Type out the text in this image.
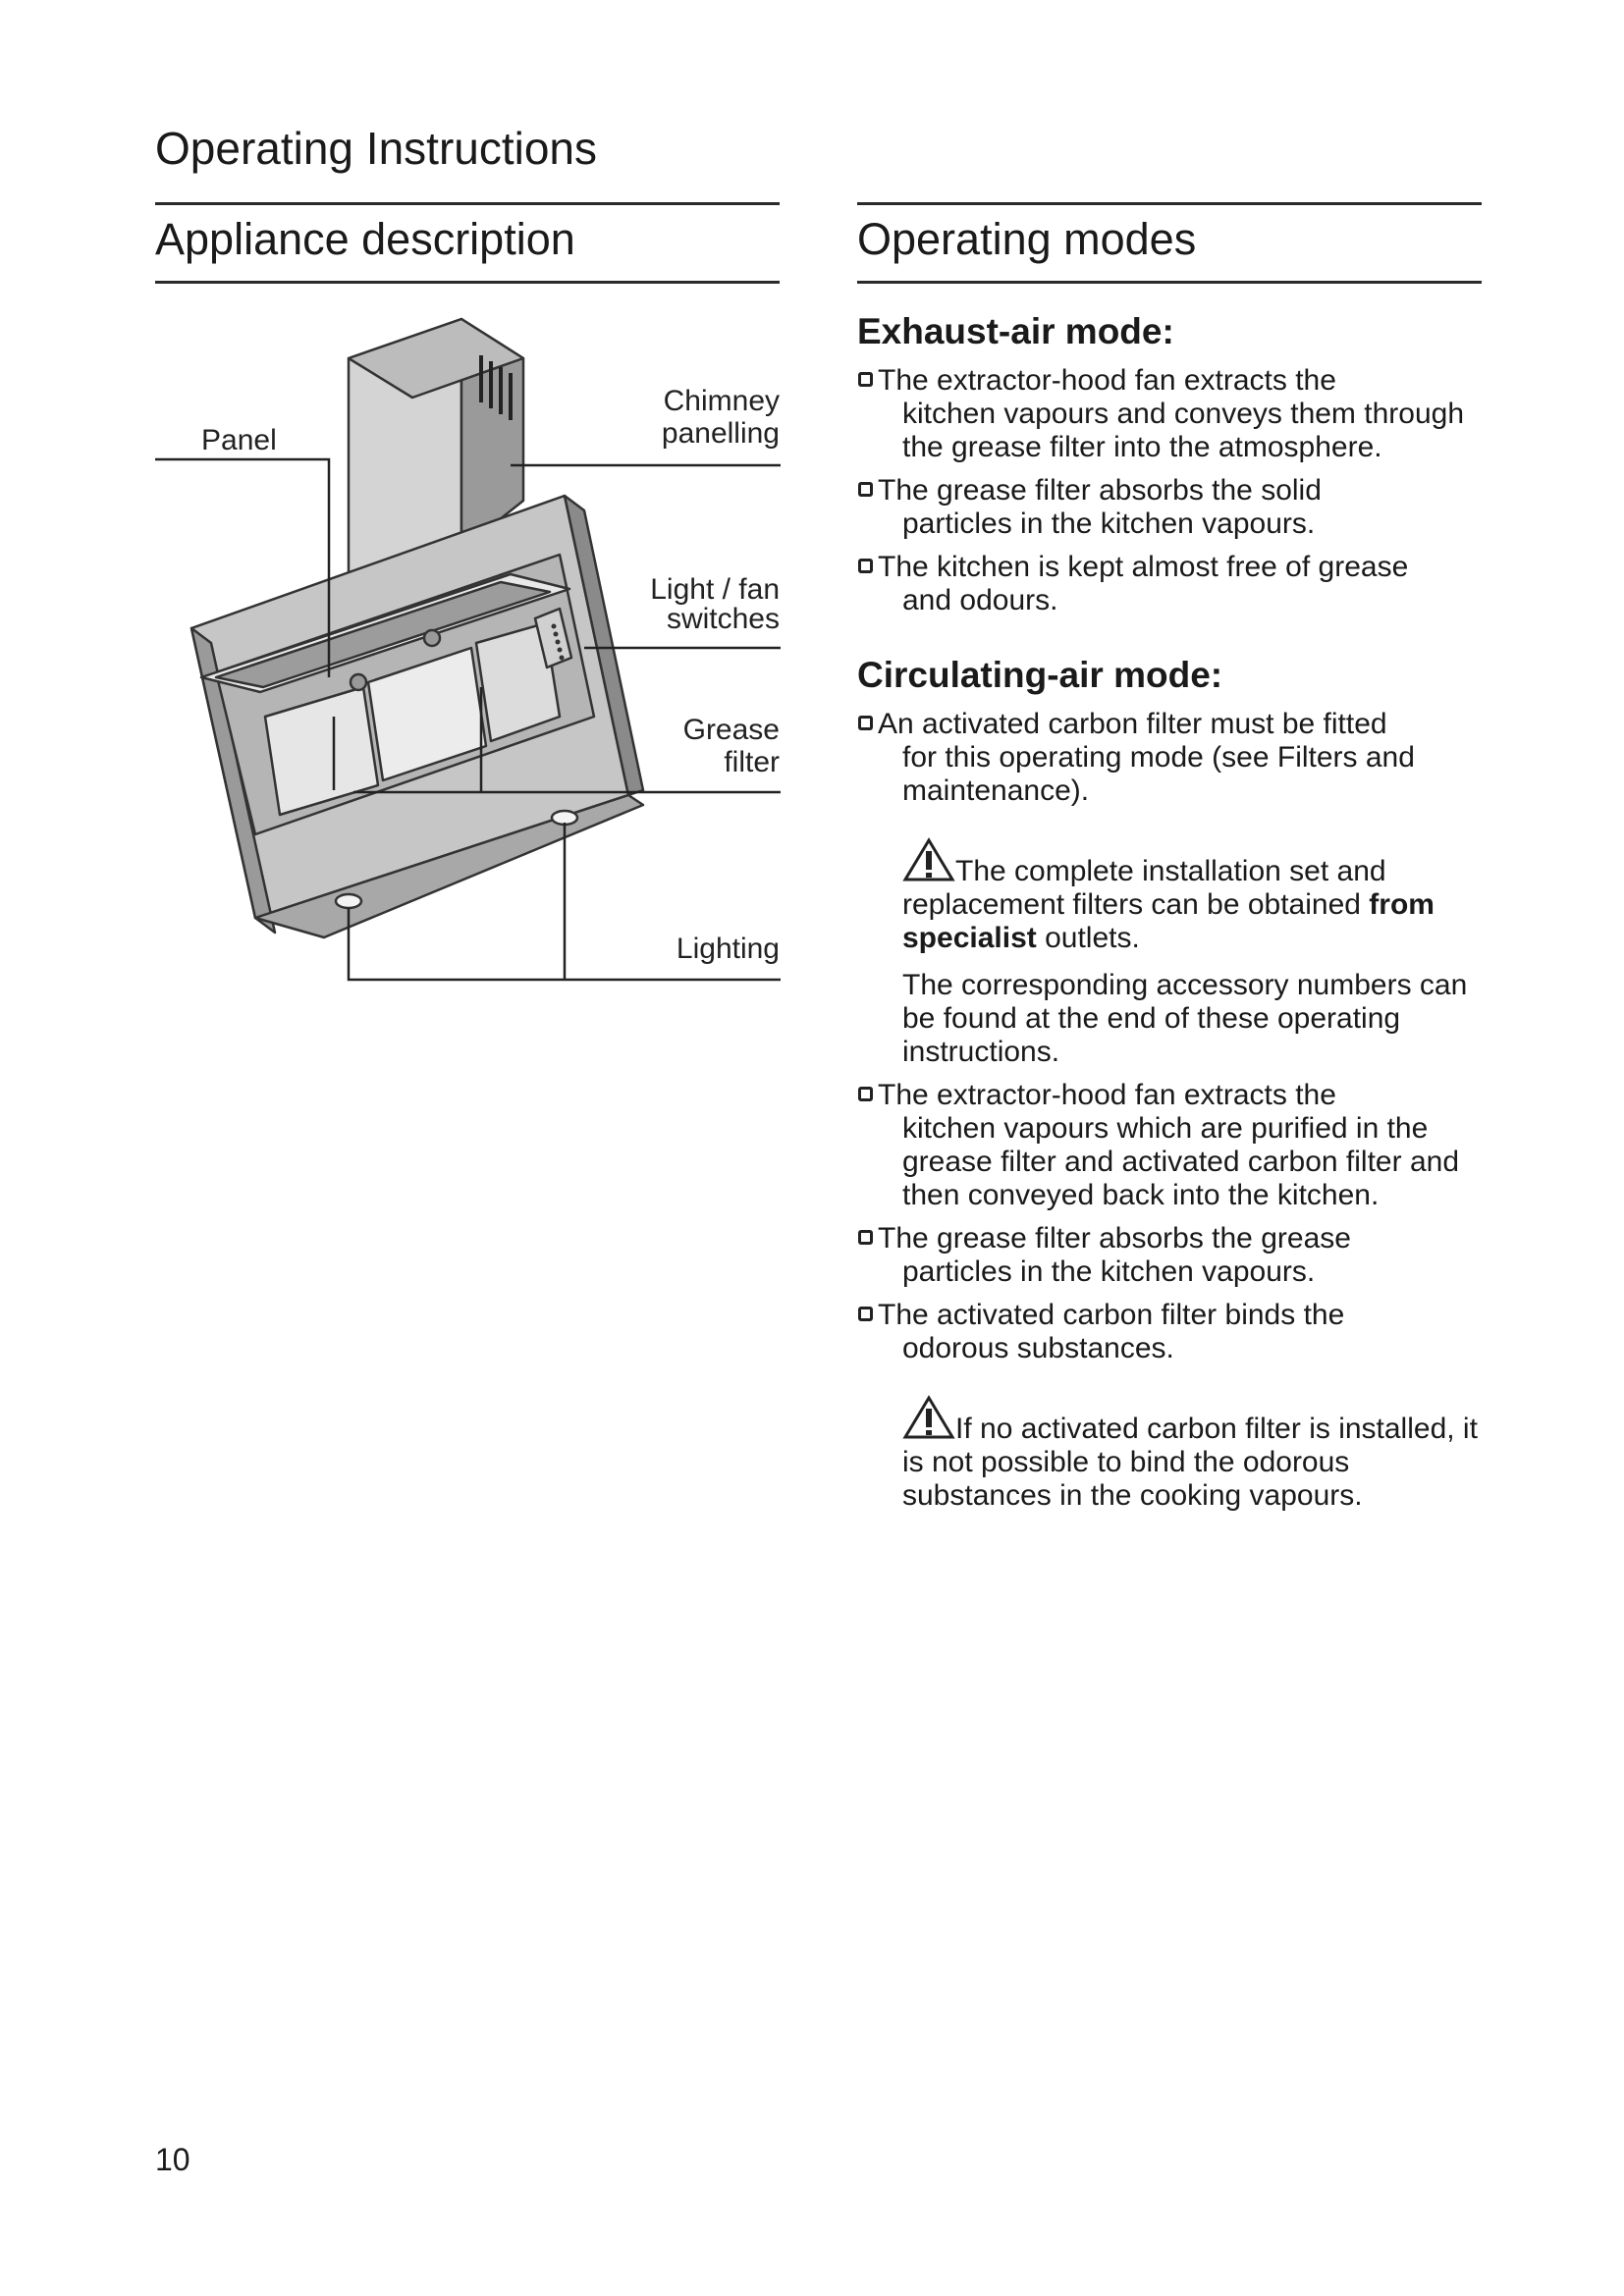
Operating Instructions
Appliance description
Panel
Chimney
panelling
Light / fan
switches
Grease
filter
Lighting
Operating modes
Exhaust-air mode:
The extractor-hood fan extracts the
kitchen vapours and conveys them through the grease filter into the atmosphere.
The grease filter absorbs the solid
particles in the kitchen vapours.
The kitchen is kept almost free of grease
and odours.
Circulating-air mode:
An activated carbon filter must be fitted
for this operating mode (see Filters and maintenance).
The complete installation set and replacement filters can be obtained from specialist outlets.
The corresponding accessory numbers can be found at the end of these operating instructions.
The extractor-hood fan extracts the
kitchen vapours which are purified in the grease filter and activated carbon filter and then conveyed back into the kitchen.
The grease filter absorbs the grease
particles in the kitchen vapours.
The activated carbon filter binds the
odorous substances.
If no activated carbon filter is installed, it is not possible to bind the odorous substances in the cooking vapours.
10
